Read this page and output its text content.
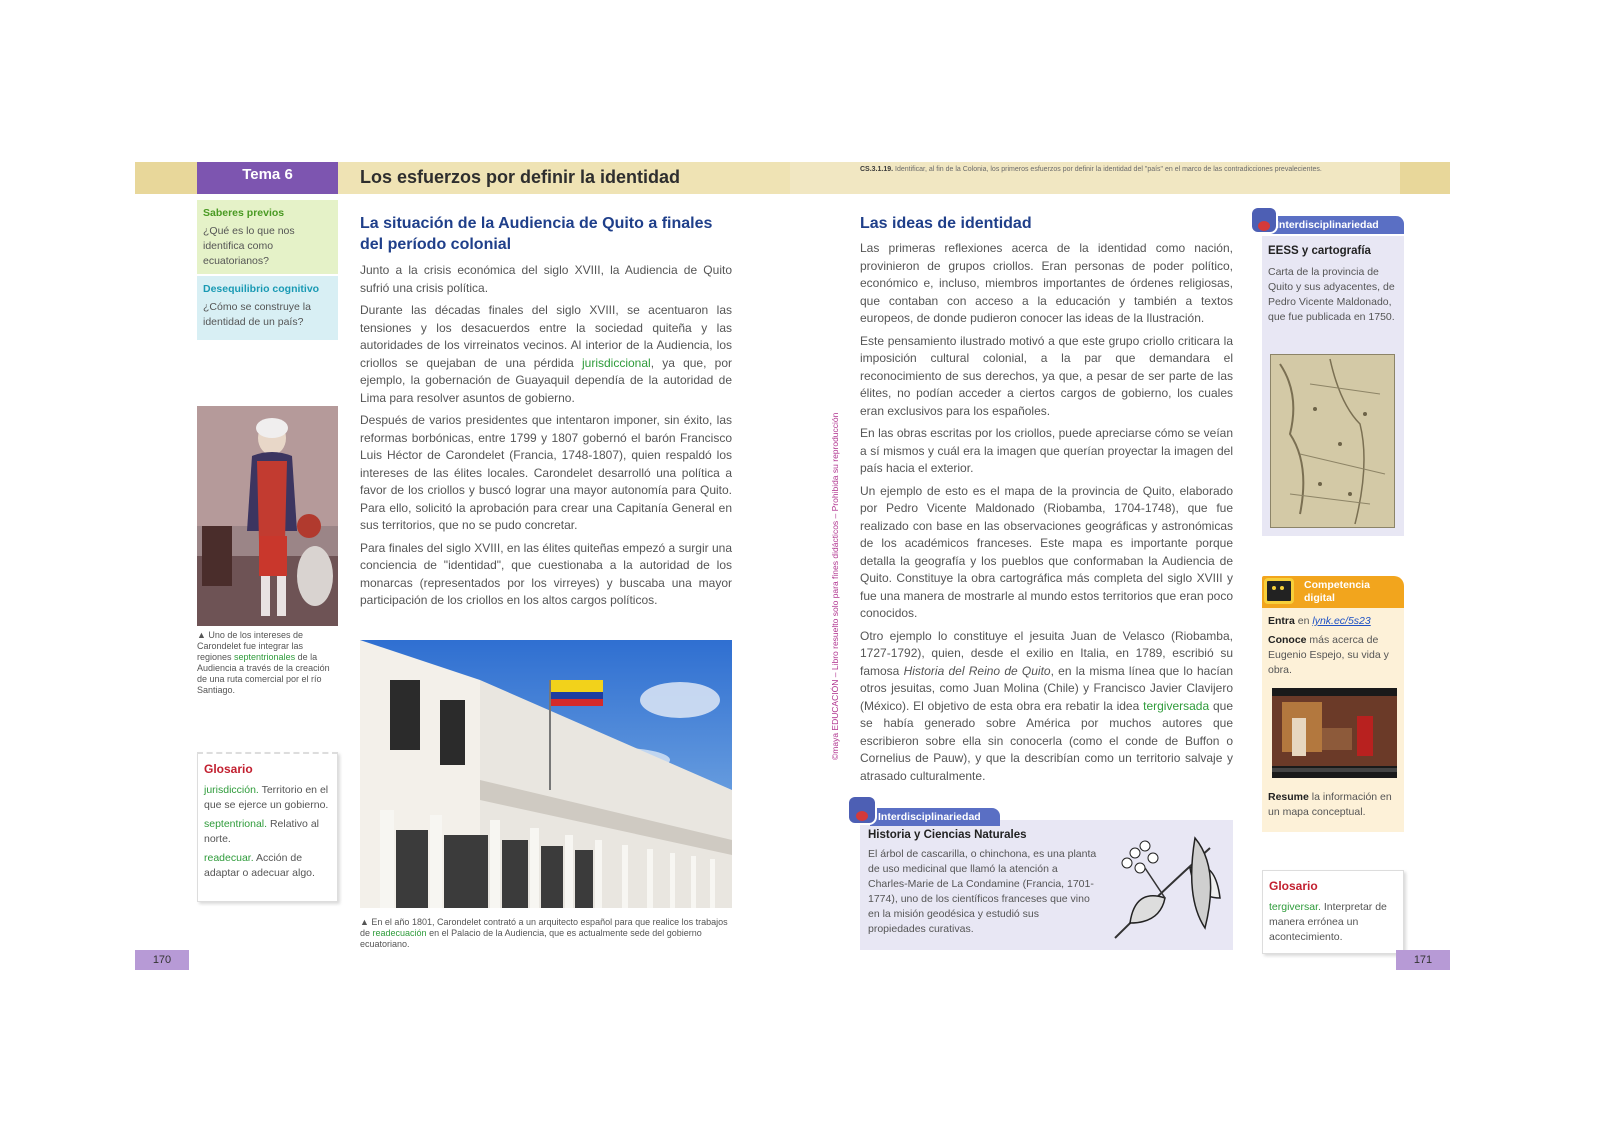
Tema 6	Los esfuerzos por definir la identidad	CS.3.1.19. Identificar, al fin de la Colonia, los primeros esfuerzos por definir la identidad del "país" en el marco de las contradicciones prevalecientes.
Saberes previos
¿Qué es lo que nos identifica como ecuatorianos?
Desequilibrio cognitivo
¿Cómo se construye la identidad de un país?
▲ Uno de los intereses de Carondelet fue integrar las regiones septentrionales de la Audiencia a través de la creación de una ruta comercial por el río Santiago.
Glosario

jurisdicción. Territorio en el que se ejerce un gobierno.

septentrional. Relativo al norte.

readecuar. Acción de adaptar o adecuar algo.

170
La situación de la Audiencia de Quito a finales del período colonial

Junto a la crisis económica del siglo XVIII, la Audiencia de Quito sufrió una crisis política.

Durante las décadas finales del siglo XVIII, se acentuaron las tensiones y los desacuerdos entre la sociedad quiteña y las autoridades de los virreinatos vecinos. Al interior de la Audiencia, los criollos se quejaban de una pérdida jurisdiccional, ya que, por ejemplo, la gobernación de Guayaquil dependía de la autoridad de Lima para resolver asuntos de gobierno.

Después de varios presidentes que intentaron imponer, sin éxito, las reformas borbónicas, entre 1799 y 1807 gobernó el barón Francisco Luis Héctor de Carondelet (Francia, 1748-1807), quien respaldó los intereses de las élites locales. Carondelet desarrolló una política a favor de los criollos y buscó lograr una mayor autonomía para Quito. Para ello, solicitó la aprobación para crear una Capitanía General en sus territorios, que no se pudo concretar.

Para finales del siglo XVIII, en las élites quiteñas empezó a surgir una conciencia de "identidad", que cuestionaba a la autoridad de los monarcas (representados por los virreyes) y buscaba una mayor participación de los criollos en los altos cargos políticos.

▲ En el año 1801, Carondelet contrató a un arquitecto español para que realice los trabajos de readecuación en el Palacio de la Audiencia, que es actualmente sede del gobierno ecuatoriano.
©maya EDUCACIÓN – Libro resuelto solo para fines didácticos – Prohibida su reproducción
Las ideas de identidad

Las primeras reflexiones acerca de la identidad como nación, provinieron de grupos criollos. Eran personas de poder político, económico e, incluso, miembros importantes de órdenes religiosas, que contaban con acceso a la educación y también a textos europeos, de donde pudieron conocer las ideas de la Ilustración.

Este pensamiento ilustrado motivó a que este grupo criollo criticara la imposición cultural colonial, a la par que demandara el reconocimiento de sus derechos, ya que, a pesar de ser parte de las élites, no podían acceder a ciertos cargos de gobierno, los cuales eran exclusivos para los españoles.

En las obras escritas por los criollos, puede apreciarse cómo se veían a sí mismos y cuál era la imagen que querían proyectar la imagen del país hacia el exterior.

Un ejemplo de esto es el mapa de la provincia de Quito, elaborado por Pedro Vicente Maldonado (Riobamba, 1704-1748), que fue realizado con base en las observaciones geográficas y astronómicas de los académicos franceses. Este mapa es importante porque detalla la geografía y los pueblos que conformaban la Audiencia de Quito. Constituye la obra cartográfica más completa del siglo XVIII y fue una manera de mostrarle al mundo estos territorios que eran poco conocidos.

Otro ejemplo lo constituye el jesuita Juan de Velasco (Riobamba, 1727-1792), quien, desde el exilio en Italia, en 1789, escribió su famosa Historia del Reino de Quito, en la misma línea que lo hacían otros jesuitas, como Juan Molina (Chile) y Francisco Javier Clavijero (México). El objetivo de esta obra era rebatir la idea tergiversada que se había generado sobre América por muchos autores que escribieron sobre ella sin conocerla (como el conde de Buffon o Cornelius de Pauw), y que la describían como un territorio salvaje y atrasado culturalmente.

Historia y Ciencias Naturales
El árbol de cascarilla, o chinchona, es una planta de uso medicinal que llamó la atención a Charles-Marie de La Condamine (Francia, 1701-1774), uno de los científicos franceses que vino en la misión geodésica y estudió sus propiedades curativas.
Interdisciplinariedad
EESS y cartografía
Carta de la provincia de Quito y sus adyacentes, de Pedro Vicente Maldonado, que fue publicada en 1750.
Interdisciplinariedad
Entra en lynk.ec/5s23
Conoce más acerca de Eugenio Espejo, su vida y obra.
Resume la información en un mapa conceptual.
Competencia
digital
Glosario

tergiversar. Interpretar de manera errónea un acontecimiento.

171
